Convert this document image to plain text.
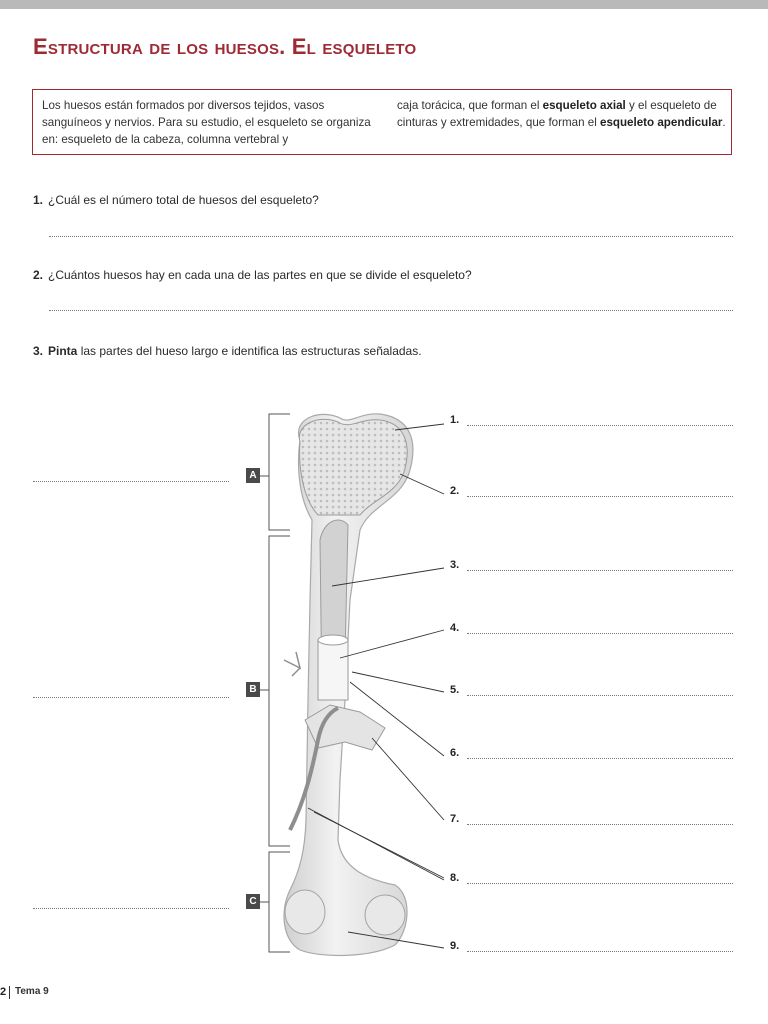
Estructura de los huesos. El esqueleto
Los huesos están formados por diversos tejidos, vasos sanguíneos y nervios. Para su estudio, el esqueleto se organiza en: esqueleto de la cabeza, columna vertebral y
caja torácica, que forman el esqueleto axial y el esqueleto de cinturas y extremidades, que forman el esqueleto apendicular.
1. ¿Cuál es el número total de huesos del esqueleto?
2. ¿Cuántos huesos hay en cada una de las partes en que se divide el esqueleto?
3. Pinta las partes del hueso largo e identifica las estructuras señaladas.
A
B
C
1.
2.
3.
4.
5.
6.
7.
8.
9.
2 Tema 9
